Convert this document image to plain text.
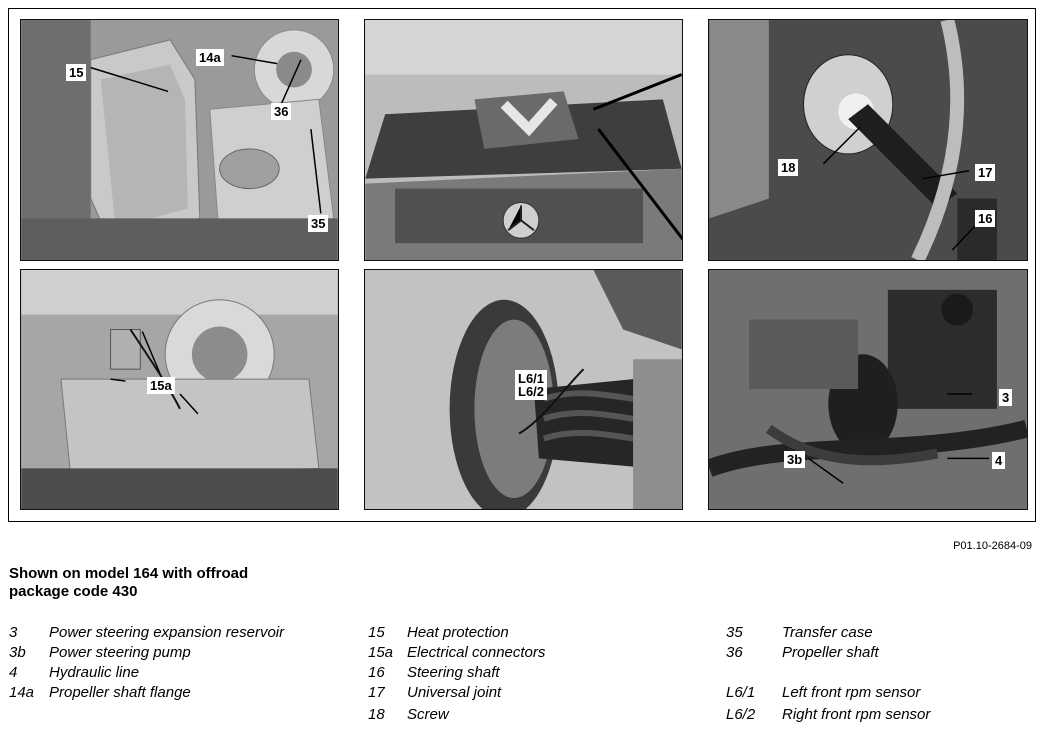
15
14a
36
35
18	17
16
15a	L6/1
L6/2	3
3b	4
P01.10-2684-09
Shown on model 164 with offroad
package code 430
3 Power steering expansion reservoir
3b Power steering pump
4 Hydraulic line
14a Propeller shaft flange
15 Heat protection
15a Electrical connectors
16 Steering shaft
17 Universal joint
18 Screw
35	Transfer case
36	Propeller shaft
L6/1 Left front rpm sensor
L6/2 Right front rpm sensor
